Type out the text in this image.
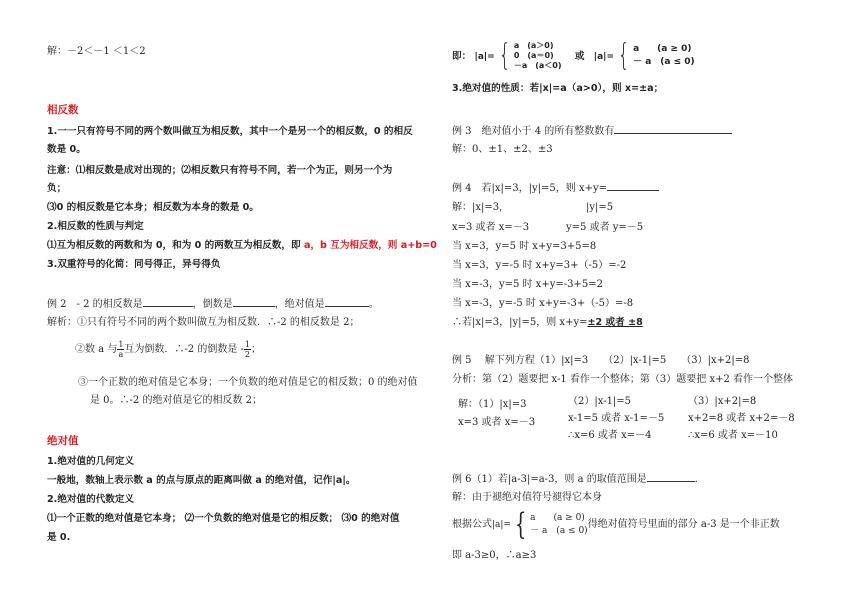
解：－2＜－1 ＜1＜2
相反数
1.一一只有符号不同的两个数叫做互为相反数，其中一个是另一个的相反数，0 的相反
数是 0。
注意：⑴相反数是成对出现的；⑵相反数只有符号不同，若一个为正，则另一个为
负；
⑶0 的相反数是它本身；相反数为本身的数是 0。
2.相反数的性质与判定
⑴互为相反数的两数和为 0，和为 0 的两数互为相反数，即 a，b 互为相反数，则 a+b=0
3.双重符号的化简：同号得正，异号得负
例 2　- 2 的相反数是	，倒数是	，绝对值是	。
解析：①只有符号不同的两个数叫做互为相反数．∴-2 的相反数是 2；
②数 a 与 $\frac{1}{a}$ 互为倒数．∴-2 的倒数是 - $\frac{1}{2}$ ；
③一个正数的绝对值是它本身；一个负数的绝对值是它的相反数；0 的绝对值
是 0。∴-2 的绝对值是它的相反数 2；
绝对值
1.绝对值的几何定义
一般地，数轴上表示数 a 的点与原点的距离叫做 a 的绝对值，记作|a|。
2.绝对值的代数定义
⑴一个正数的绝对值是它本身； ⑵一个负数的绝对值是它的相反数； ⑶0 的绝对值
是 0.
即： |a|= { a　(a＞0)
0　(a＝0)
－a　(a＜0)
或 |a|= { a　　(a ≥ 0)
－ a　(a ≤ 0)
3.绝对值的性质：若|x|=a（a>0），则 x=±a；
例 3　绝对值小于 4 的所有整数数有
解：0、±1、±2、±3
例 4　若|x|=3，|y|=5，则 x+y=
解：|x|=3,	|y|=5
x=3 或者 x=－3	y=5 或者 y=－5
当 x=3，y=5 时 x+y=3+5=8
当 x=3，y=-5 时 x+y=3+（-5）=-2
当 x=-3，y=5 时 x+y=-3+5=2
当 x=-3，y=-5 时 x+y=-3+（-5）=-8
∴若|x|=3，|y|=5，则 x+y=±2 或者 ±8
例 5　 解下列方程（1）|x|=3　　（2）|x-1|=5　　（3）|x+2|=8
分析：第（2）题要把 x-1 看作一个整体；第（3）题要把 x+2 看作一个整体
解：（1）|x|=3
x=3 或者 x=－3
（2）|x-1|=5
x-1=5 或者 x-1=－5
∴x=6 或者 x=－4
（3）|x+2|=8
x+2=8 或者 x+2=－8
∴x=6 或者 x=－10
例 6（1）若|a-3|=a-3，则 a 的取值范围是	．
解：由于褪绝对值符号褪得它本身
根据公式|a|= { a　　(a ≥ 0)
－ a　(a ≤ 0)
得绝对值符号里面的部分 a-3 是一个非正数
即 a-3≥0，∴a≥3
